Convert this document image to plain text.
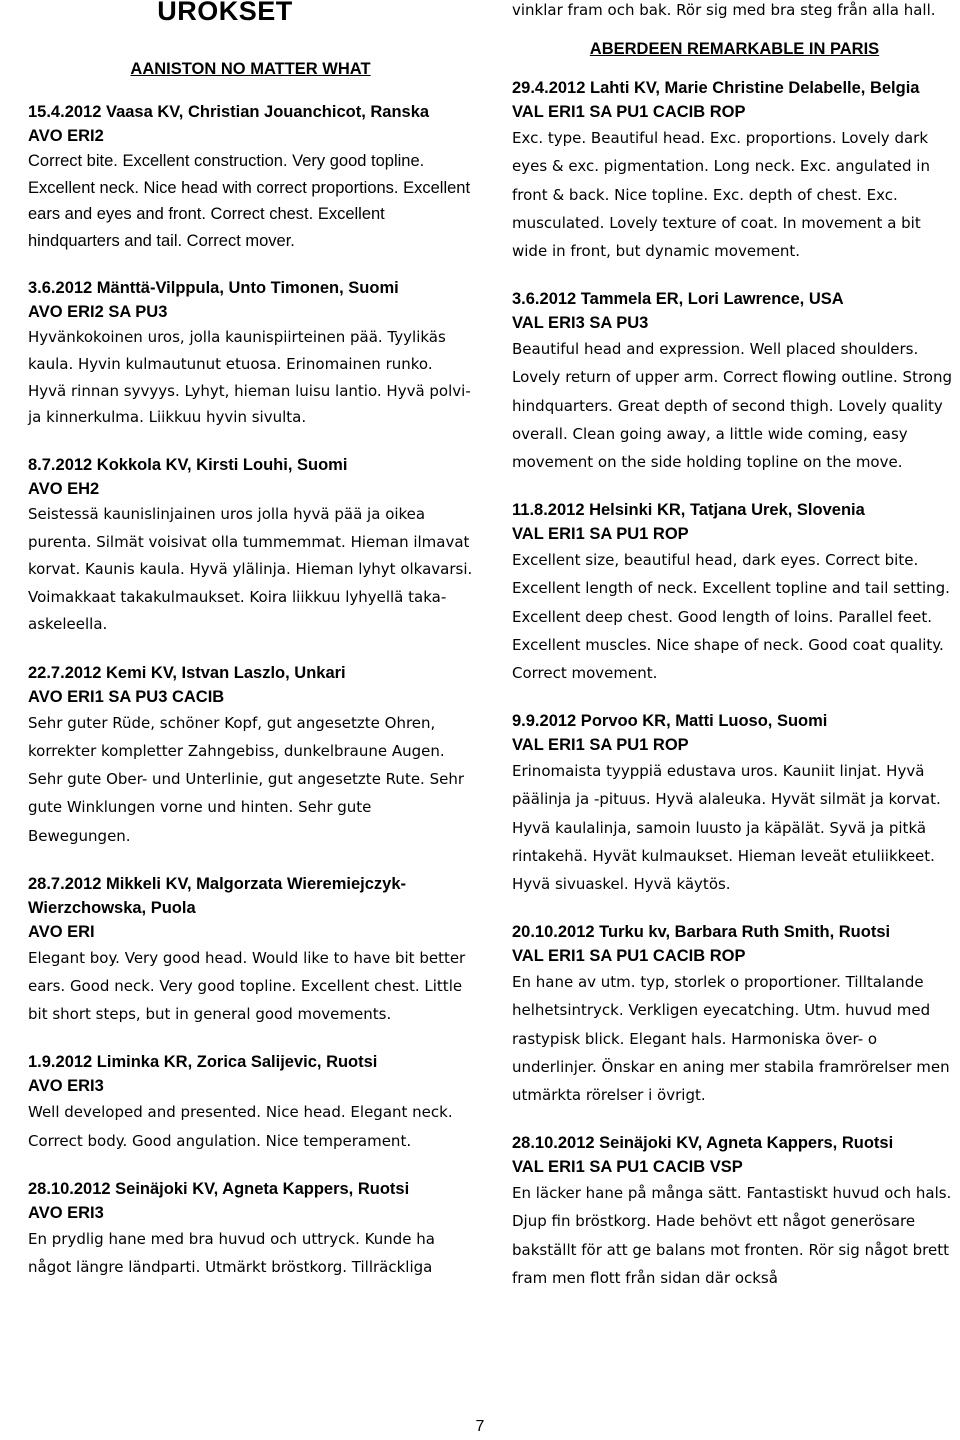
UROKSET
AANISTON NO MATTER WHAT
15.4.2012 Vaasa KV, Christian Jouanchicot, Ranska
AVO ERI2
Correct bite. Excellent construction. Very good topline. Excellent neck. Nice head with correct proportions. Excellent ears and eyes and front. Correct chest. Excellent hindquarters and tail. Correct mover.
3.6.2012 Mänttä-Vilppula, Unto Timonen, Suomi
AVO ERI2 SA PU3
Hyvänkokoinen uros, jolla kaunispiirteinen pää. Tyylikäs kaula. Hyvin kulmautunut etuosa. Erinomainen runko. Hyvä rinnan syvyys. Lyhyt, hieman luisu lantio. Hyvä polvi- ja kinnerkulma. Liikkuu hyvin sivulta.
8.7.2012 Kokkola KV, Kirsti Louhi, Suomi
AVO EH2
Seistessä kaunislinjainen uros jolla hyvä pää ja oikea purenta. Silmät voisivat olla tummemmat. Hieman ilmavat korvat. Kaunis kaula. Hyvä ylälinja. Hieman lyhyt olkavarsi. Voimakkaat takakulmaukset. Koira liikkuu lyhyellä taka-askeleella.
22.7.2012 Kemi KV, Istvan Laszlo, Unkari
AVO ERI1 SA PU3 CACIB
Sehr guter Rüde, schöner Kopf, gut angesetzte Ohren, korrekter kompletter Zahngebiss, dunkelbraune Augen. Sehr gute Ober- und Unterlinie, gut angesetzte Rute. Sehr gute Winklungen vorne und hinten. Sehr gute Bewegungen.
28.7.2012 Mikkeli KV, Malgorzata Wieremiejczyk-Wierzchowska, Puola
AVO ERI
Elegant boy. Very good head. Would like to have bit better ears. Good neck. Very good topline. Excellent chest. Little bit short steps, but in general good movements.
1.9.2012 Liminka KR, Zorica Salijevic, Ruotsi
AVO ERI3
Well developed and presented. Nice head. Elegant neck. Correct body. Good angulation. Nice temperament.
28.10.2012 Seinäjoki KV, Agneta Kappers, Ruotsi
AVO ERI3
En prydlig hane med bra huvud och uttryck. Kunde ha något längre ländparti. Utmärkt bröstkorg. Tillräckliga
vinklar fram och bak. Rör sig med bra steg från alla hall.
ABERDEEN REMARKABLE IN PARIS
29.4.2012 Lahti KV, Marie Christine Delabelle, Belgia
VAL ERI1 SA PU1 CACIB ROP
Exc. type. Beautiful head. Exc. proportions. Lovely dark eyes & exc. pigmentation. Long neck. Exc. angulated in front & back. Nice topline. Exc. depth of chest. Exc. musculated. Lovely texture of coat. In movement a bit wide in front, but dynamic movement.
3.6.2012 Tammela ER, Lori Lawrence, USA
VAL ERI3 SA PU3
Beautiful head and expression. Well placed shoulders. Lovely return of upper arm. Correct flowing outline. Strong hindquarters. Great depth of second thigh. Lovely quality overall. Clean going away, a little wide coming, easy movement on the side holding topline on the move.
11.8.2012 Helsinki KR, Tatjana Urek, Slovenia
VAL ERI1 SA PU1 ROP
Excellent size, beautiful head, dark eyes. Correct bite. Excellent length of neck. Excellent topline and tail setting. Excellent deep chest. Good length of loins. Parallel feet. Excellent muscles. Nice shape of neck. Good coat quality. Correct movement.
9.9.2012 Porvoo KR, Matti Luoso, Suomi
VAL ERI1 SA PU1 ROP
Erinomaista tyyppiä edustava uros. Kauniit linjat. Hyvä päälinja ja -pituus. Hyvä alaleuka. Hyvät silmät ja korvat. Hyvä kaulalinja, samoin luusto ja käpälät. Syvä ja pitkä rintakehä. Hyvät kulmaukset. Hieman leveät etuliikkeet. Hyvä sivuaskel. Hyvä käytös.
20.10.2012 Turku kv, Barbara Ruth Smith, Ruotsi
VAL ERI1 SA PU1 CACIB ROP
En hane av utm. typ, storlek o proportioner. Tilltalande helhetsintryck. Verkligen eyecatching. Utm. huvud med rastypisk blick. Elegant hals. Harmoniska över- o underlinjer. Önskar en aning mer stabila framrörelser men utmärkta rörelser i övrigt.
28.10.2012 Seinäjoki KV, Agneta Kappers, Ruotsi
VAL ERI1 SA PU1 CACIB VSP
En läcker hane på många sätt. Fantastiskt huvud och hals. Djup fin bröstkorg. Hade behövt ett något generösare bakställt för att ge balans mot fronten. Rör sig något brett fram men flott från sidan där också
7
